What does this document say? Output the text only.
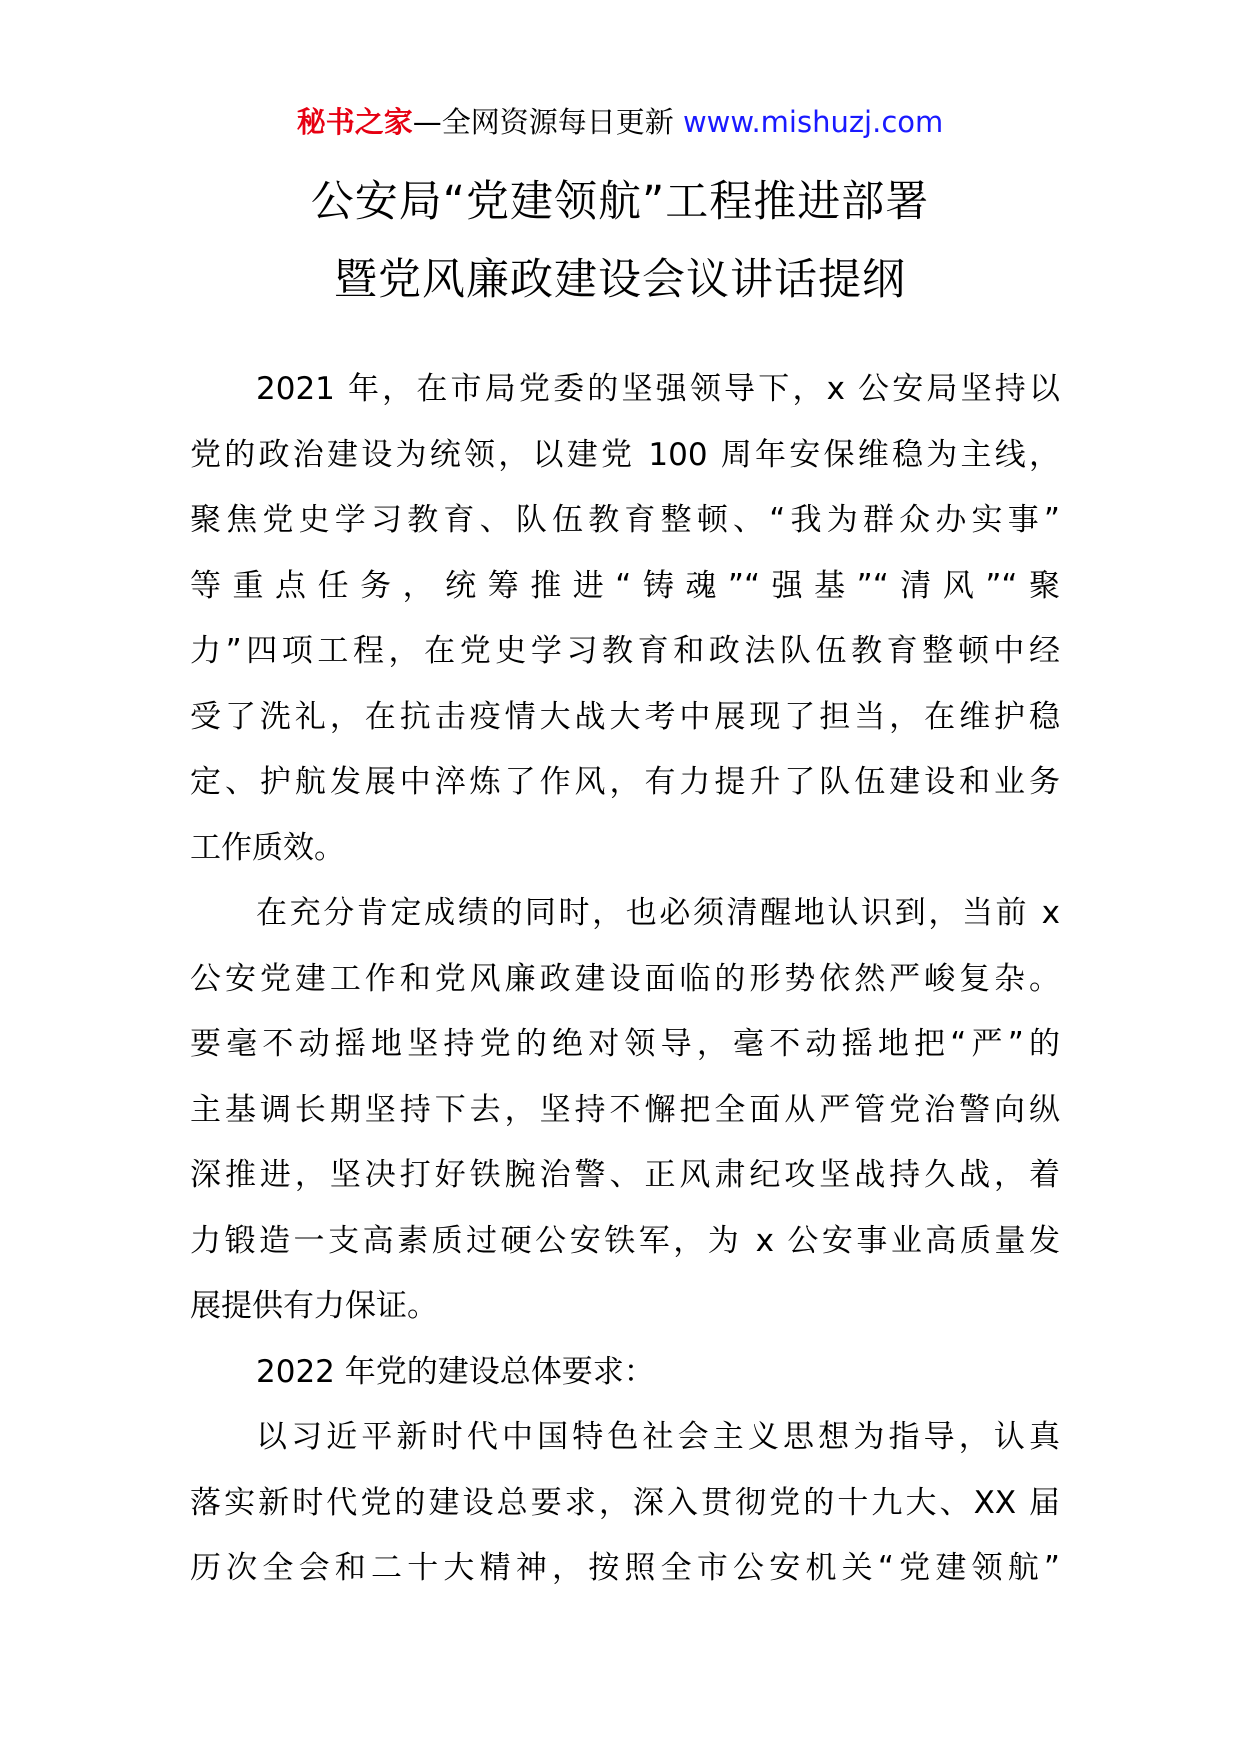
秘书之家—全网资源每日更新 www.mishuzj.com
公安局“党建领航”工程推进部署
暨党风廉政建设会议讲话提纲

2021 年，在市局党委的坚强领导下，x 公安局坚持以
党的政治建设为统领，以建党 100 周年安保维稳为主线，
聚焦党史学习教育、队伍教育整顿、“我为群众办实事”
等重点任务，统筹推进“铸魂”“强基”“清风”“聚
力”四项工程，在党史学习教育和政法队伍教育整顿中经
受了洗礼，在抗击疫情大战大考中展现了担当，在维护稳
定、护航发展中淬炼了作风，有力提升了队伍建设和业务
工作质效。

在充分肯定成绩的同时，也必须清醒地认识到，当前 x
公安党建工作和党风廉政建设面临的形势依然严峻复杂。
要毫不动摇地坚持党的绝对领导，毫不动摇地把“严”的
主基调长期坚持下去，坚持不懈把全面从严管党治警向纵
深推进，坚决打好铁腕治警、正风肃纪攻坚战持久战，着
力锻造一支高素质过硬公安铁军，为 x 公安事业高质量发
展提供有力保证。

2022 年党的建设总体要求：

以习近平新时代中国特色社会主义思想为指导，认真
落实新时代党的建设总要求，深入贯彻党的十九大、XX 届
历次全会和二十大精神，按照全市公安机关“党建领航”
